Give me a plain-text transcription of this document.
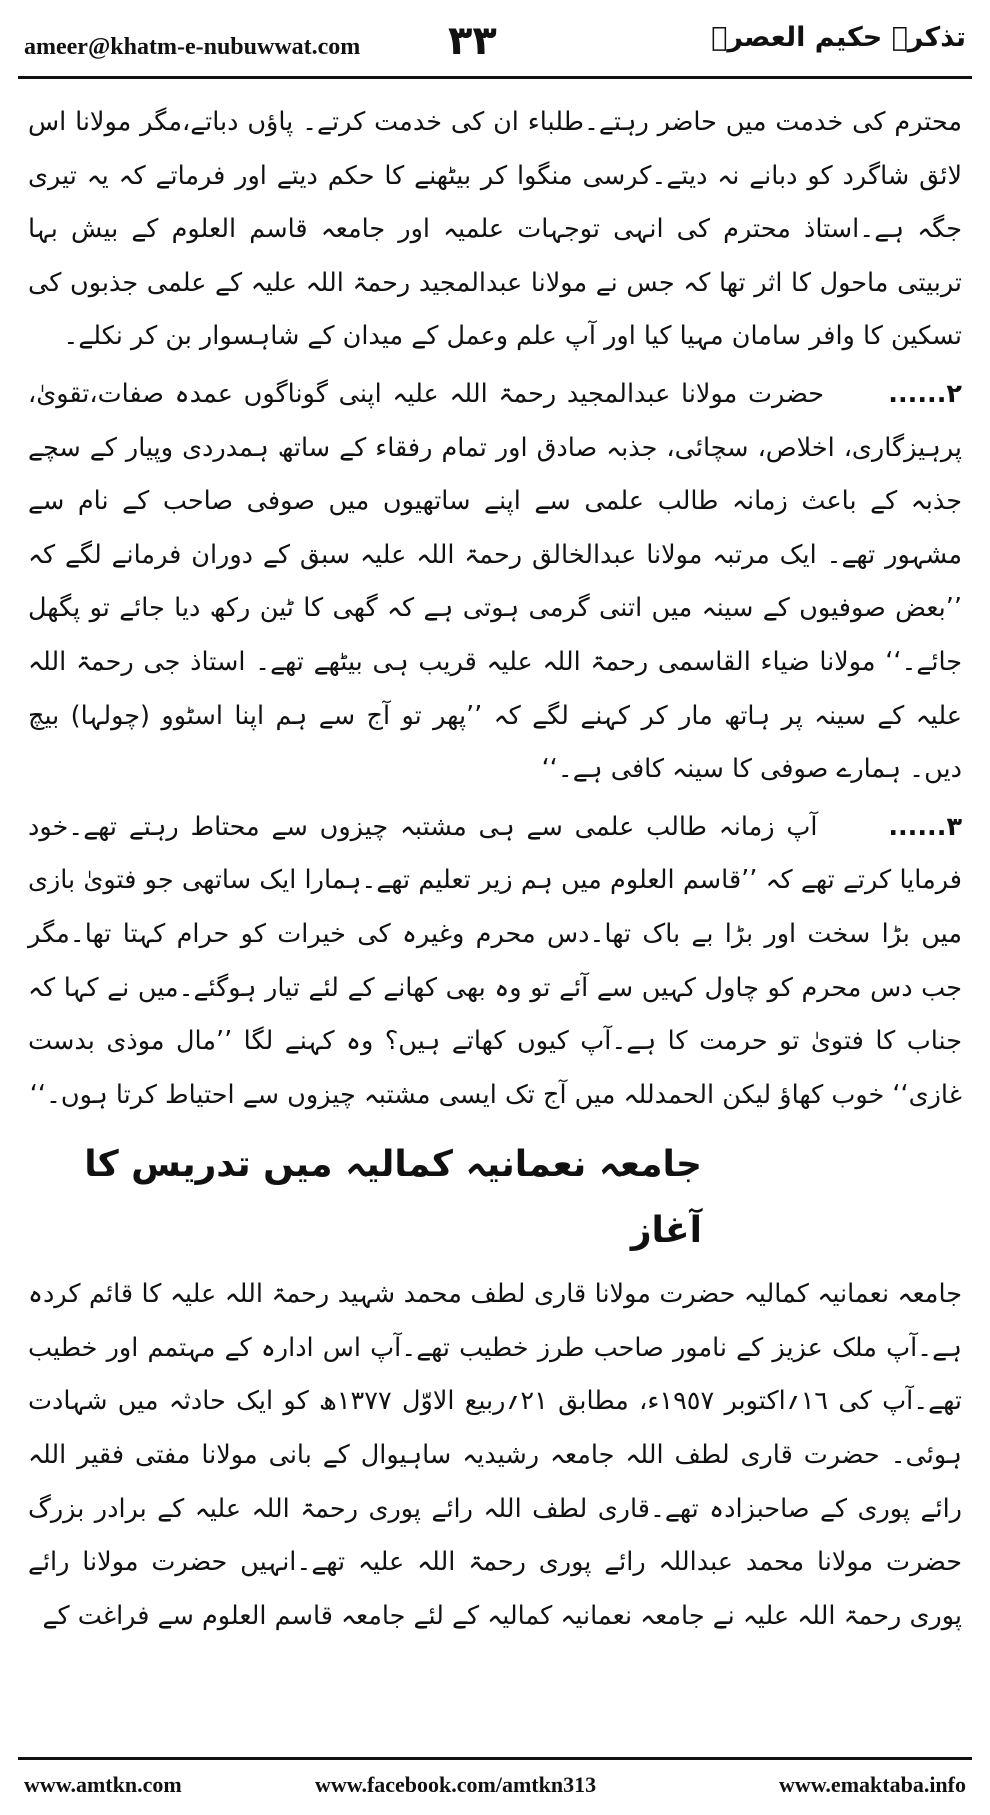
ameer@khatm-e-nubuwwat.com ٣٣	تذکرہ حکیم العصرؒ

محترم کی خدمت میں حاضر رہتے۔طلباء ان کی خدمت کرتے۔ پاؤں دباتے،مگر مولانا اس لائق شاگرد کو دبانے نہ دیتے۔کرسی منگوا کر بیٹھنے کا حکم دیتے اور فرماتے کہ یہ تیری جگہ ہے۔استاذ محترم کی انہی توجہات علمیہ اور جامعہ قاسم العلوم کے بیش بہا تربیتی ماحول کا اثر تھا کہ جس نے مولانا عبدالمجید رحمۃ اللہ علیہ کے علمی جذبوں کی تسکین کا وافر سامان مہیا کیا اور آپ علم وعمل کے میدان کے شاہسوار بن کر نکلے۔

٢......      حضرت مولانا عبدالمجید رحمۃ اللہ علیہ اپنی گوناگوں عمدہ صفات،تقویٰ، پرہیزگاری، اخلاص، سچائی، جذبہ صادق اور تمام رفقاء کے ساتھ ہمدردی وپیار کے سچے جذبہ کے باعث زمانہ طالب علمی سے اپنے ساتھیوں میں صوفی صاحب کے نام سے مشہور تھے۔ ایک مرتبہ مولانا عبدالخالق رحمۃ اللہ علیہ سبق کے دوران فرمانے لگے کہ ’’بعض صوفیوں کے سینہ میں اتنی گرمی ہوتی ہے کہ گھی کا ٹین رکھ دیا جائے تو پگھل جائے۔‘‘ مولانا ضیاء القاسمی رحمۃ اللہ علیہ قریب ہی بیٹھے تھے۔ استاذ جی رحمۃ اللہ علیہ کے سینہ پر ہاتھ مار کر کہنے لگے کہ ’’پھر تو آج سے ہم اپنا اسٹوو (چولہا) بیچ دیں۔ ہمارے صوفی کا سینہ کافی ہے۔‘‘

٣......      آپ زمانہ طالب علمی سے ہی مشتبہ چیزوں سے محتاط رہتے تھے۔خود فرمایا کرتے تھے کہ ’’قاسم العلوم میں ہم زیر تعلیم تھے۔ہمارا ایک ساتھی جو فتویٰ بازی میں بڑا سخت اور بڑا بے باک تھا۔دس محرم وغیرہ کی خیرات کو حرام کہتا تھا۔مگر جب دس محرم کو چاول کہیں سے آئے تو وہ بھی کھانے کے لئے تیار ہوگئے۔میں نے کہا کہ جناب کا فتویٰ تو حرمت کا ہے۔آپ کیوں کھاتے ہیں؟ وہ کہنے لگا ’’مال موذی بدست غازی‘‘ خوب کھاؤ لیکن الحمدللہ میں آج تک ایسی مشتبہ چیزوں سے احتیاط کرتا ہوں۔‘‘

جامعہ نعمانیہ کمالیہ میں تدریس کا آغاز

جامعہ نعمانیہ کمالیہ حضرت مولانا قاری لطف محمد شہید رحمۃ اللہ علیہ کا قائم کردہ ہے۔آپ ملک عزیز کے نامور صاحب طرز خطیب تھے۔آپ اس ادارہ کے مہتمم اور خطیب تھے۔آپ کی ١٦؍اکتوبر ١٩٥٧ء، مطابق ٢١؍ربیع الاوّل ١٣٧٧ھ کو ایک حادثہ میں شہادت ہوئی۔ حضرت قاری لطف اللہ جامعہ رشیدیہ ساہیوال کے بانی مولانا مفتی فقیر اللہ رائے پوری کے صاحبزادہ تھے۔قاری لطف اللہ رائے پوری رحمۃ اللہ علیہ کے برادر بزرگ حضرت مولانا محمد عبداللہ رائے پوری رحمۃ اللہ علیہ تھے۔انہیں حضرت مولانا رائے پوری رحمۃ اللہ علیہ نے جامعہ نعمانیہ کمالیہ کے لئے جامعہ قاسم العلوم سے فراغت کے

www.amtkn.com	www.facebook.com/amtkn313	www.emaktaba.info
